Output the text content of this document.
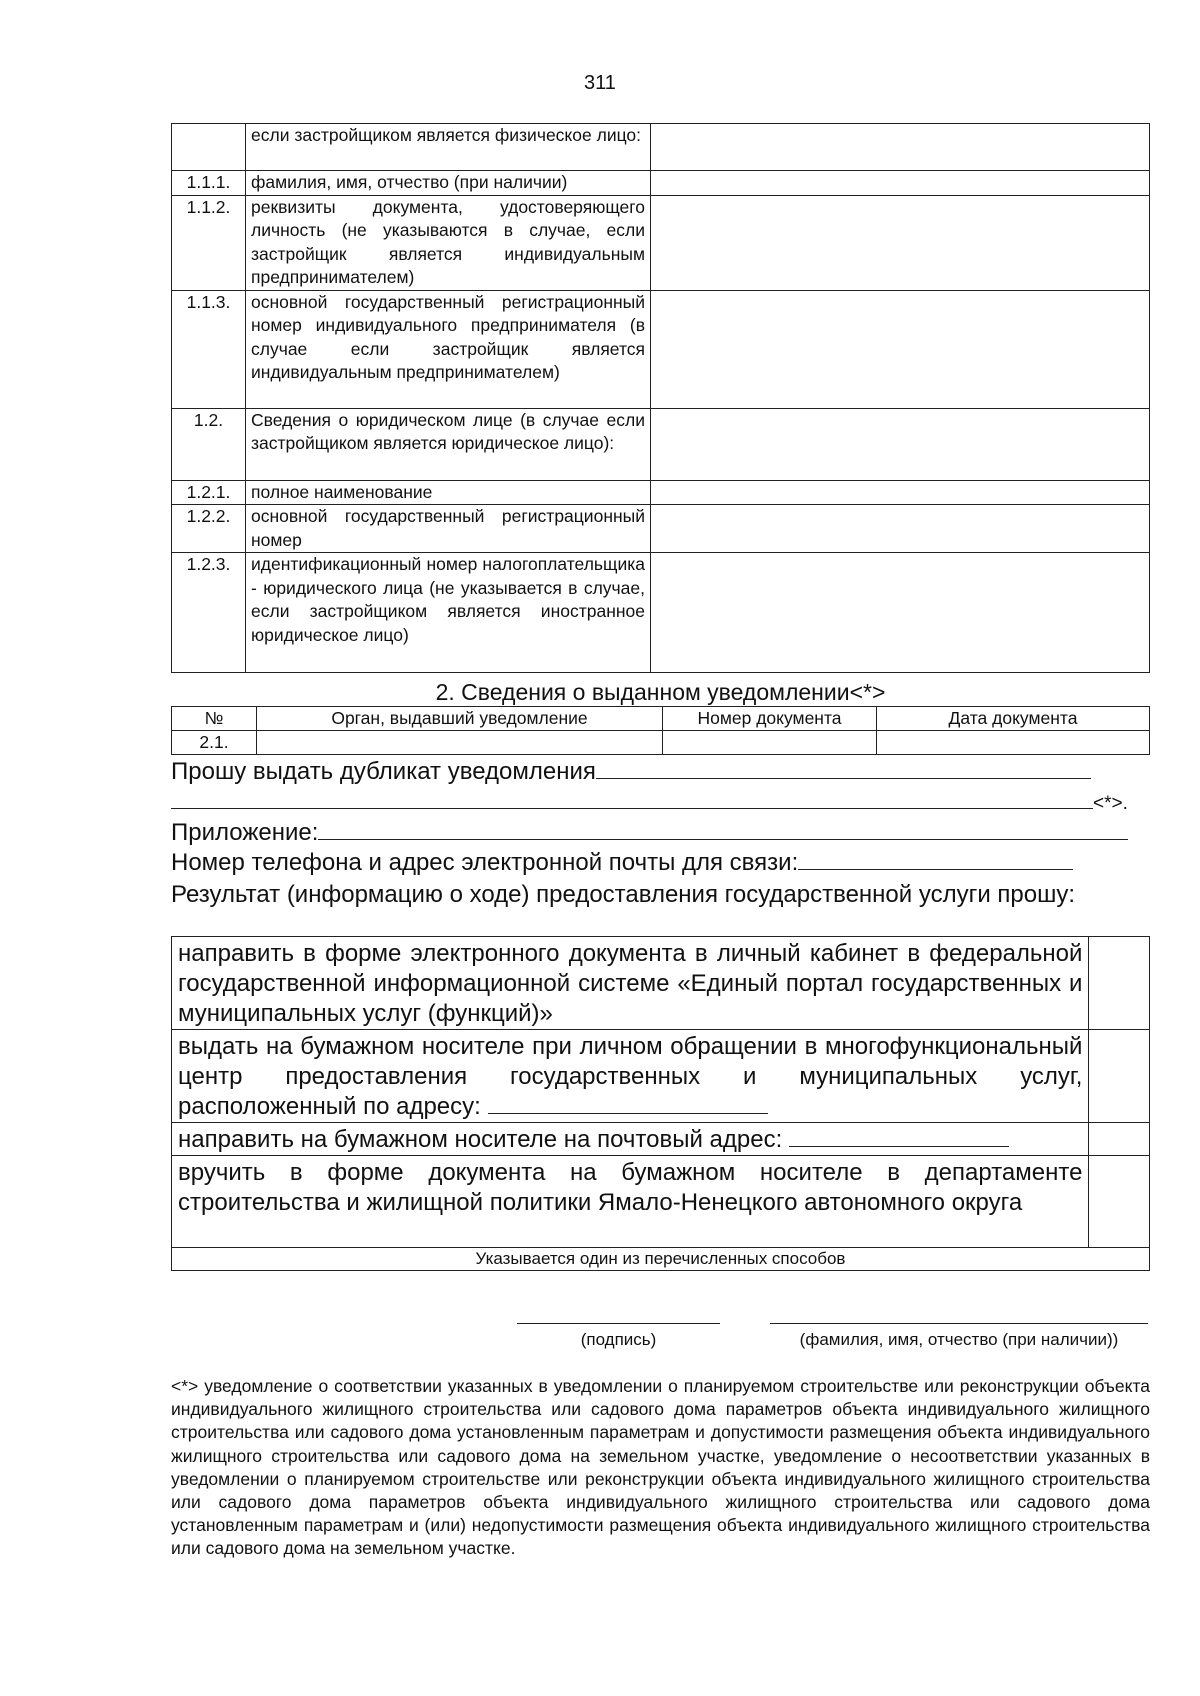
311
	если застройщиком является физическое лицо:	
1.1.1.	фамилия, имя, отчество (при наличии)	
1.1.2.	реквизиты документа, удостоверяющего личность (не указываются в случае, если застройщик является индивидуальным предпринимателем)	
1.1.3.	основной государственный регистрационный номер индивидуального предпринимателя (в случае если застройщик является индивидуальным предпринимателем)	
1.2.	Сведения о юридическом лице (в случае если застройщиком является юридическое лицо):	
1.2.1.	полное наименование	
1.2.2.	основной государственный регистрационный номер	
1.2.3.	идентификационный номер налогоплательщика - юридического лица (не указывается в случае, если застройщиком является иностранное юридическое лицо)	
2. Сведения о выданном уведомлении<*>
№	Орган, выдавший уведомление	Номер документа	Дата документа
2.1.			
Прошу выдать дубликат уведомления
<*>.
Приложение:
Номер телефона и адрес электронной почты для связи:
Результат (информацию о ходе) предоставления государственной услуги прошу:
направить в форме электронного документа в личный кабинет в федеральной государственной информационной системе «Единый портал государственных и муниципальных услуг (функций)»	
выдать на бумажном носителе при личном обращении в многофункциональный центр предоставления государственных и муниципальных услуг, расположенный по адресу:	
направить на бумажном носителе на почтовый адрес:	
вручить в форме документа на бумажном носителе в департаменте строительства и жилищной политики Ямало-Ненецкого автономного округа	
Указывается один из перечисленных способов	
(подпись)	(фамилия, имя, отчество (при наличии))
<*> уведомление о соответствии указанных в уведомлении о планируемом строительстве или реконструкции объекта индивидуального жилищного строительства или садового дома параметров объекта индивидуального жилищного строительства или садового дома установленным параметрам и допустимости размещения объекта индивидуального жилищного строительства или садового дома на земельном участке, уведомление о несоответствии указанных в уведомлении о планируемом строительстве или реконструкции объекта индивидуального жилищного строительства или садового дома параметров объекта индивидуального жилищного строительства или садового дома установленным параметрам и (или) недопустимости размещения объекта индивидуального жилищного строительства или садового дома на земельном участке.
